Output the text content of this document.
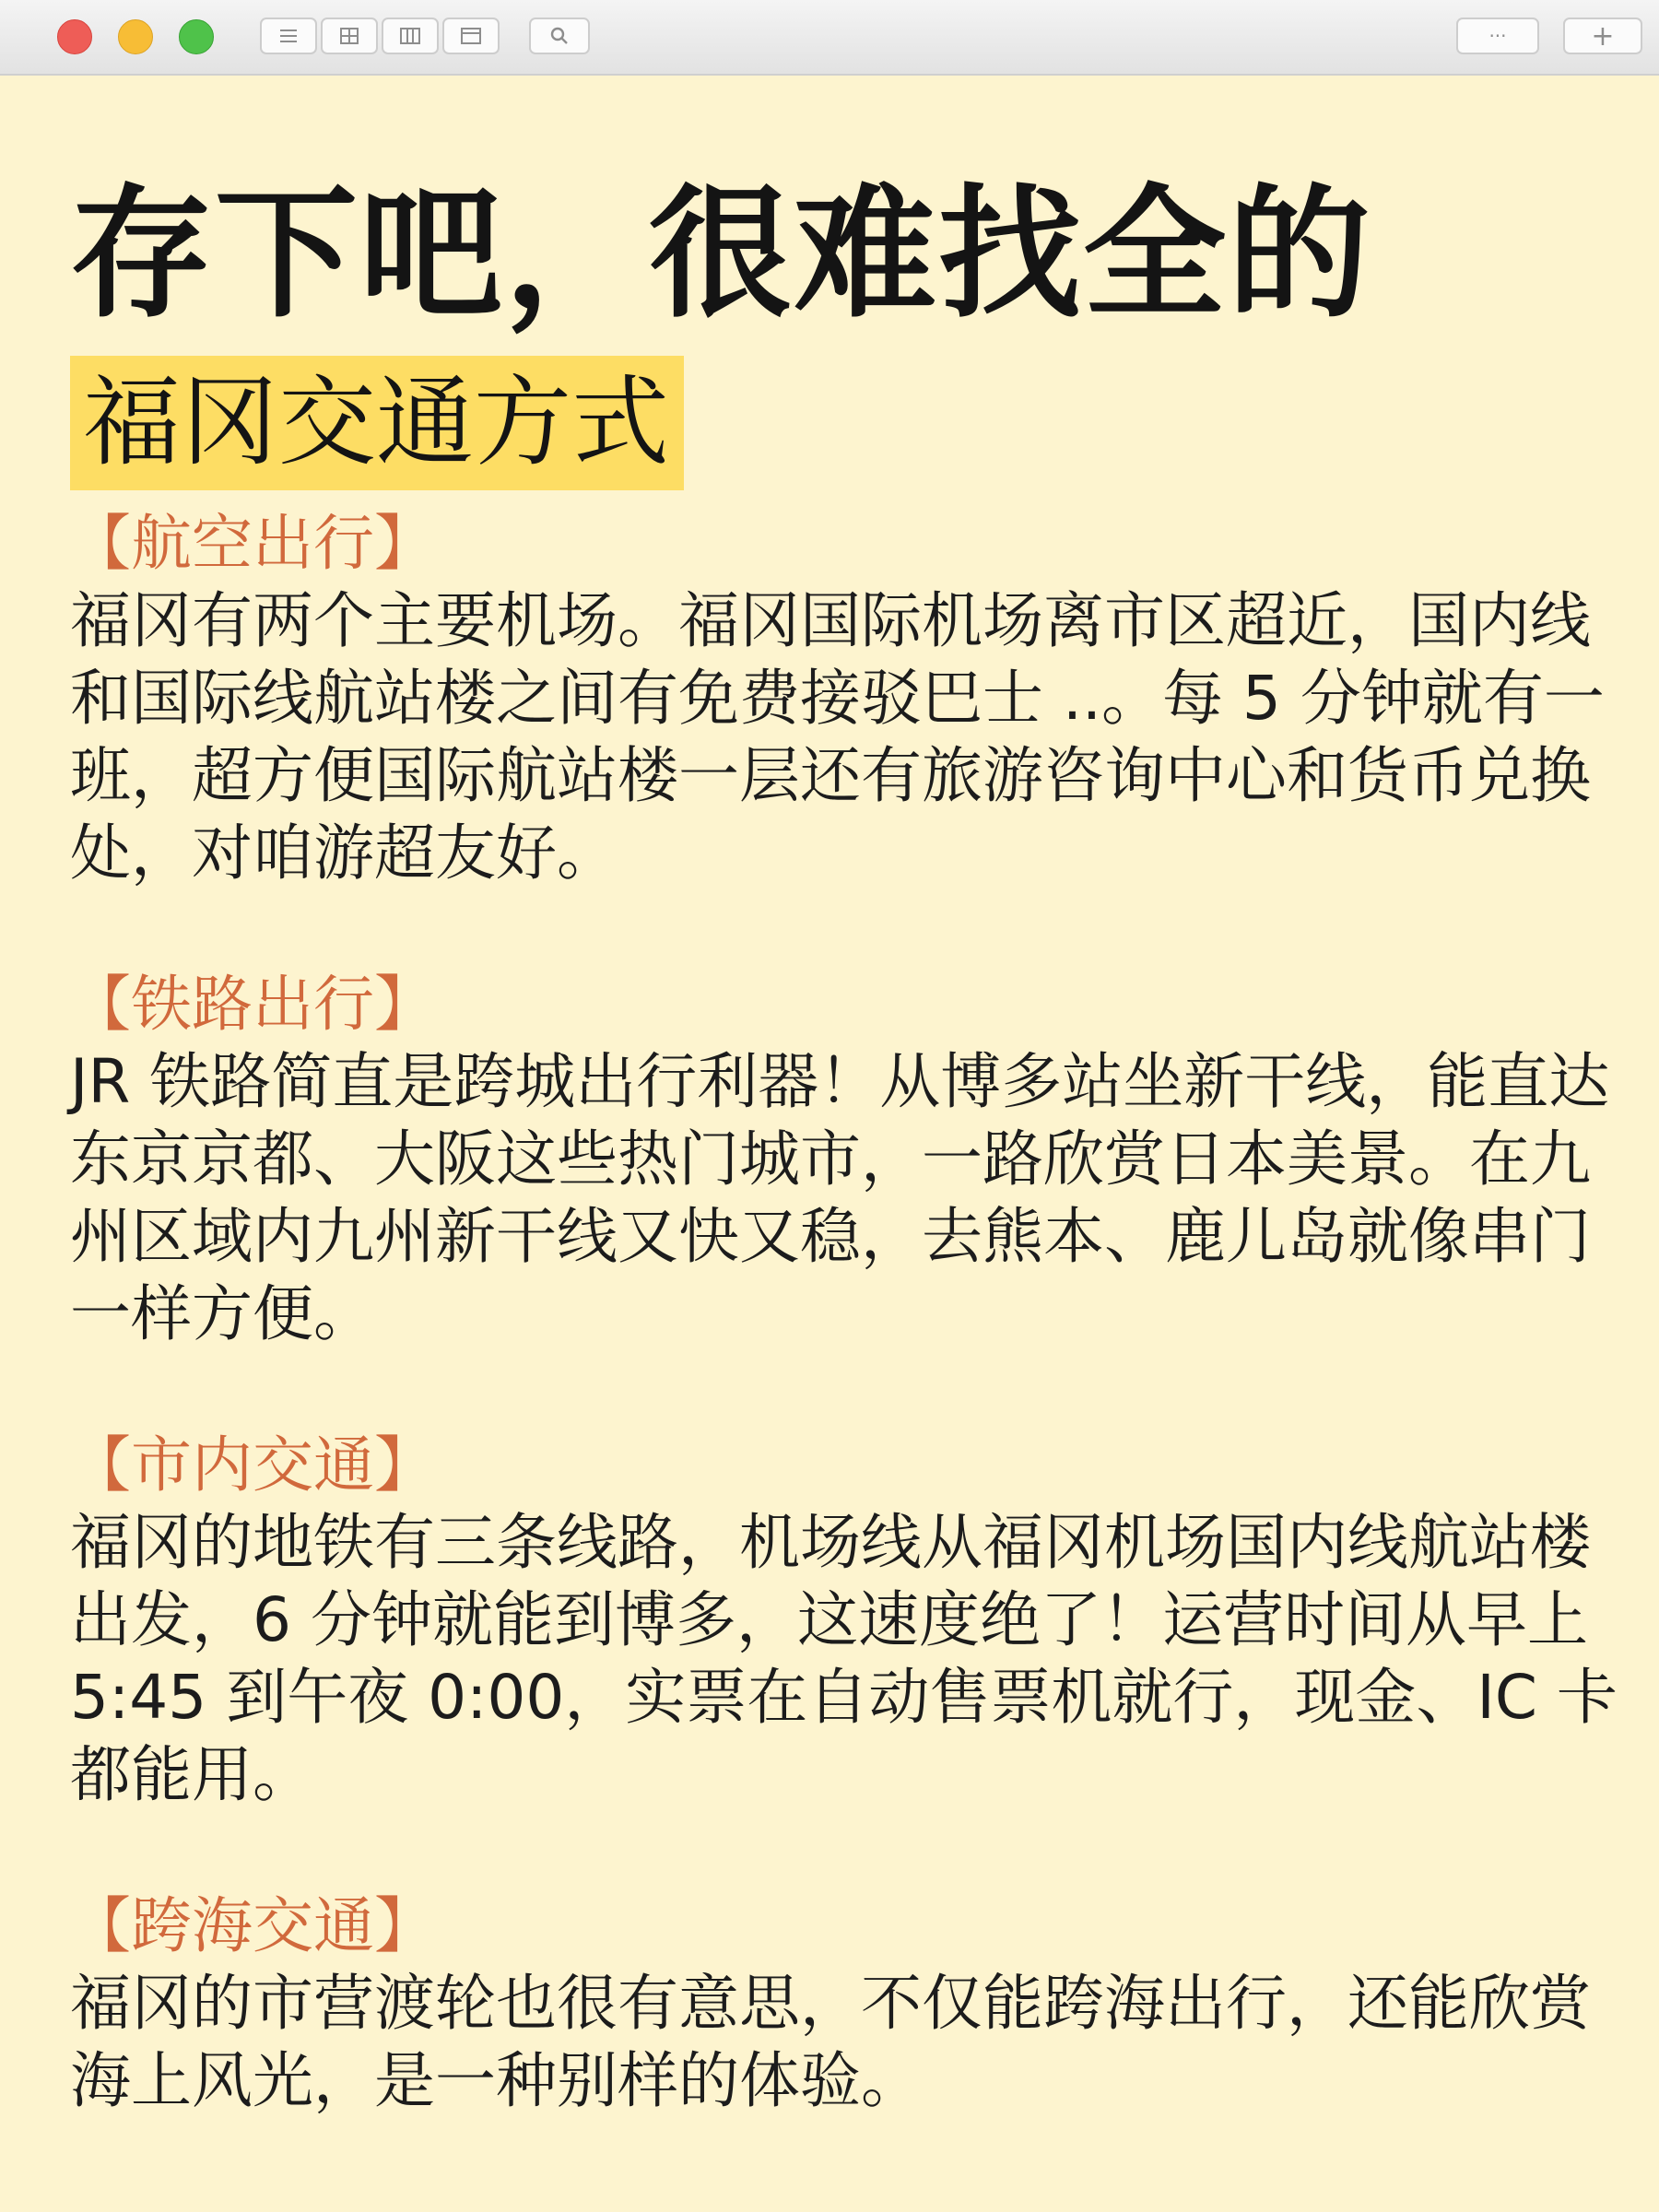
···	+
存下吧，很难找全的
福冈交通方式
【航空出行】
福冈有两个主要机场。福冈国际机场离市区超近，国内线和国际线航站楼之间有免费接驳巴士 ..。每 5 分钟就有一班，超方便国际航站楼一层还有旅游咨询中心和货币兑换处，对咱游超友好。
【铁路出行】
JR 铁路简直是跨城出行利器！从博多站坐新干线，能直达东京京都、大阪这些热门城市，一路欣赏日本美景。在九州区域内九州新干线又快又稳，去熊本、鹿儿岛就像串门一样方便。
【市内交通】
福冈的地铁有三条线路，机场线从福冈机场国内线航站楼出发，6 分钟就能到博多，这速度绝了！运营时间从早上 5:45 到午夜 0:00，实票在自动售票机就行，现金、IC 卡都能用。
【跨海交通】
福冈的市营渡轮也很有意思，不仅能跨海出行，还能欣赏海上风光，是一种别样的体验。
